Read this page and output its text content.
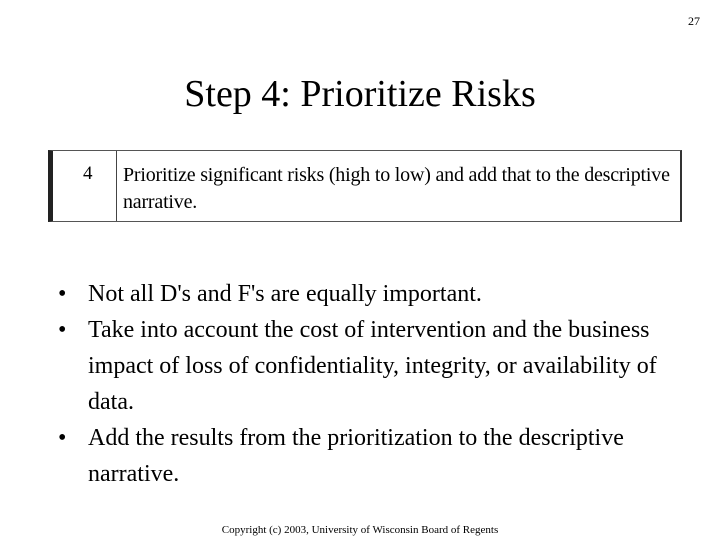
27
Step 4: Prioritize Risks
4	Prioritize significant risks (high to low) and add that to the descriptive narrative.
• Not all D's and F's are equally important.
• Take into account the cost of intervention and the business impact of loss of confidentiality, integrity, or availability of data.
• Add the results from the prioritization to the descriptive narrative.
Copyright (c) 2003, University of Wisconsin Board of Regents
